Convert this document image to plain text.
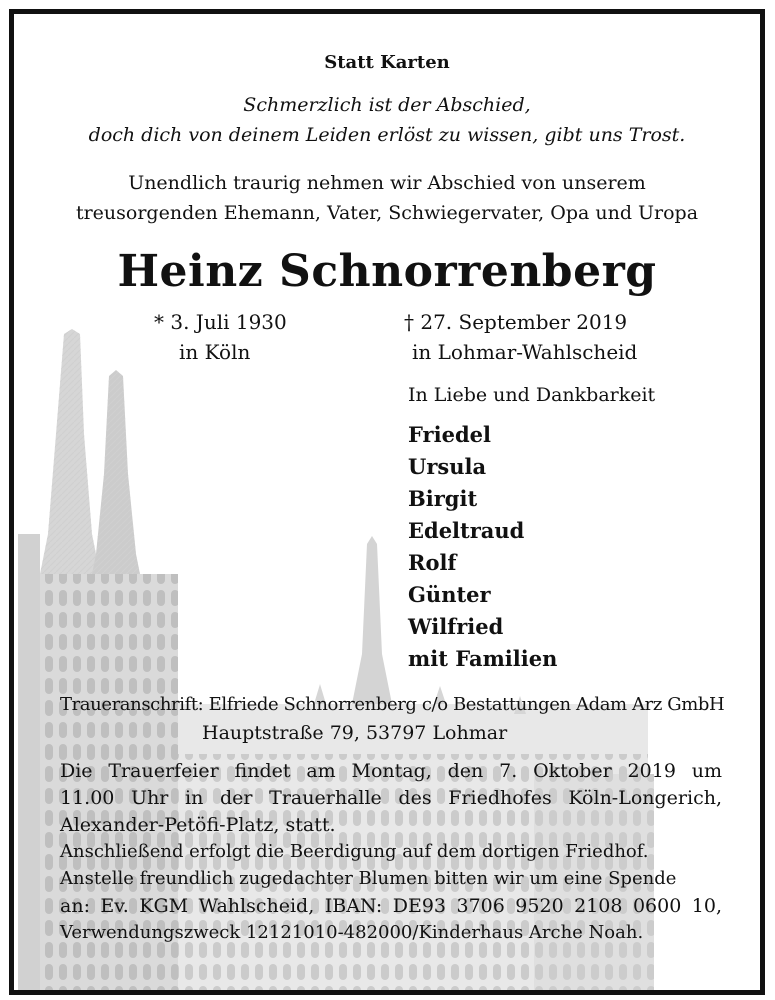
Statt Karten
Schmerzlich ist der Abschied,
doch dich von deinem Leiden erlöst zu wissen, gibt uns Trost.
Unendlich traurig nehmen wir Abschied von unserem
treusorgenden Ehemann, Vater, Schwiegervater, Opa und Uropa
Heinz Schnorrenberg
* 3. Juli 1930
in Köln
† 27. September 2019
in Lohmar-Wahlscheid
In Liebe und Dankbarkeit
Friedel
Ursula
Birgit
Edeltraud
Rolf
Günter
Wilfried
mit Familien
Traueranschrift: Elfriede Schnorrenberg c/o Bestattungen Adam Arz GmbH
Hauptstraße 79, 53797 Lohmar
Die Trauerfeier findet am Montag, den 7. Oktober 2019 um
11.00 Uhr in der Trauerhalle des Friedhofes Köln-Longerich,
Alexander-Petöfi-Platz, statt.
Anschließend erfolgt die Beerdigung auf dem dortigen Friedhof.
Anstelle freundlich zugedachter Blumen bitten wir um eine Spende
an: Ev. KGM Wahlscheid, IBAN: DE93 3706 9520 2108 0600 10,
Verwendungszweck 12121010-482000/Kinderhaus Arche Noah.
